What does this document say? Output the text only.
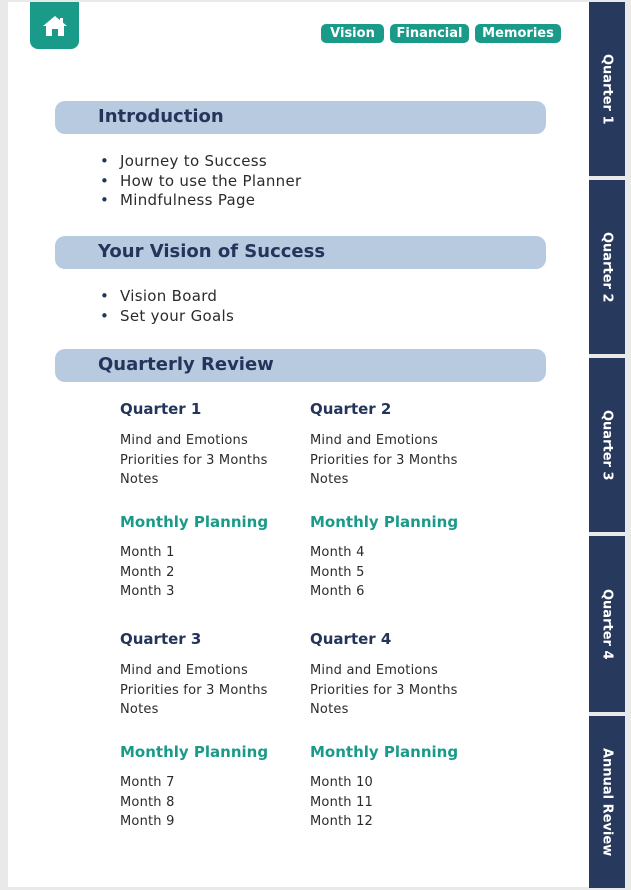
Vision	Financial	Memories
Introduction
• Journey to Success
• How to use the Planner
• Mindfulness Page
Your Vision of Success
• Vision Board
• Set your Goals
Quarterly Review
Quarter 1
Mind and Emotions
Priorities for 3 Months
Notes
Monthly Planning
Month 1
Month 2
Month 3
Quarter 2
Mind and Emotions
Priorities for 3 Months
Notes
Monthly Planning
Month 4
Month 5
Month 6
Quarter 3
Mind and Emotions
Priorities for 3 Months
Notes
Monthly Planning
Month 7
Month 8
Month 9
Quarter 4
Mind and Emotions
Priorities for 3 Months
Notes
Monthly Planning
Month 10
Month 11
Month 12
Quarter 1
Quarter 2
Quarter 3
Quarter 4
Annual Review
